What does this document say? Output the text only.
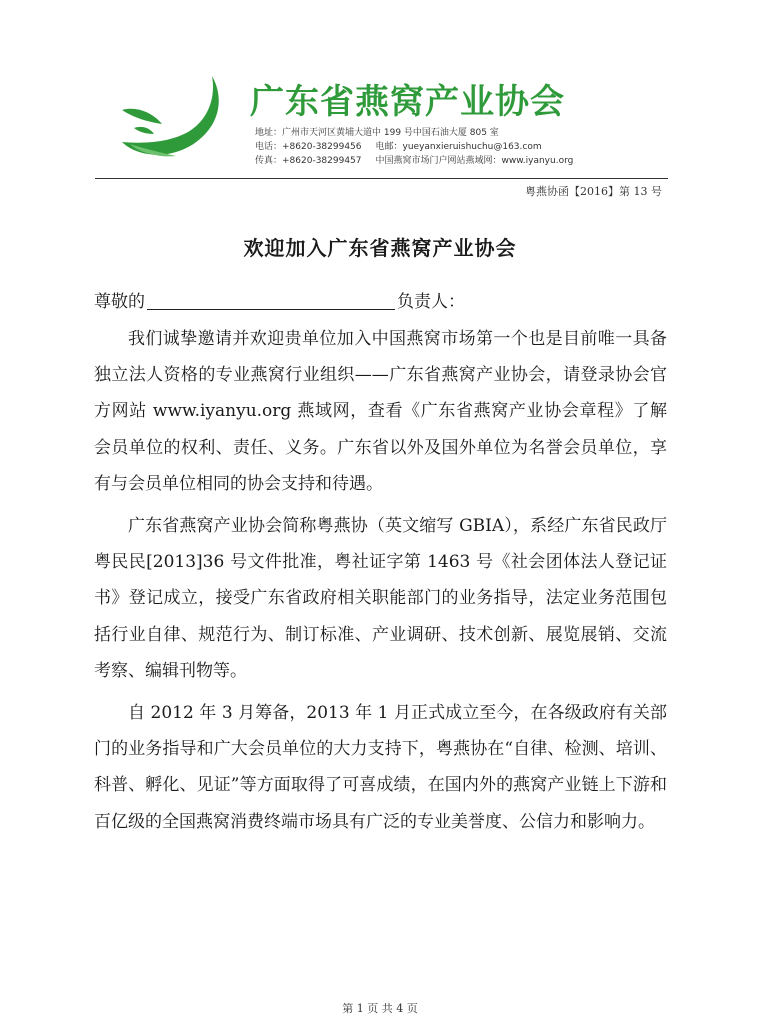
广东省燕窝产业协会
地址：广州市天河区黄埔大道中 199 号中国石油大厦 805 室
电话：+8620-38299456 电邮：yueyanxieruishuchu@163.com
传真：+8620-38299457 中国燕窝市场门户网站燕域网：www.iyanyu.org
粤燕协函【2016】第 13 号
欢迎加入广东省燕窝产业协会
尊敬的	负责人：

我们诚挚邀请并欢迎贵单位加入中国燕窝市场第一个也是目前唯一具备独立法人资格的专业燕窝行业组织——广东省燕窝产业协会，请登录协会官方网站 www.iyanyu.org 燕域网，查看《广东省燕窝产业协会章程》了解会员单位的权利、责任、义务。广东省以外及国外单位为名誉会员单位，享有与会员单位相同的协会支持和待遇。

广东省燕窝产业协会简称粤燕协（英文缩写 GBIA），系经广东省民政厅粤民民[2013]36 号文件批准，粤社证字第 1463 号《社会团体法人登记证书》登记成立，接受广东省政府相关职能部门的业务指导，法定业务范围包括行业自律、规范行为、制订标准、产业调研、技术创新、展览展销、交流考察、编辑刊物等。

自 2012 年 3 月筹备，2013 年 1 月正式成立至今，在各级政府有关部门的业务指导和广大会员单位的大力支持下，粤燕协在“自律、检测、培训、科普、孵化、见证”等方面取得了可喜成绩，在国内外的燕窝产业链上下游和百亿级的全国燕窝消费终端市场具有广泛的专业美誉度、公信力和影响力。

第 1 页 共 4 页
